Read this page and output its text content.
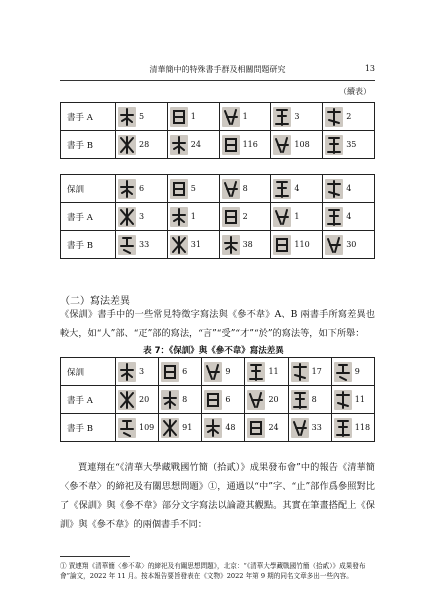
清華簡中的特殊書手群及相關問題研究	13
（續表）
書手 A	5	1	1	3	2

書手 B	28	24	116	108	35
保訓	6	5	8	4	4

書手 A	3	1	2	1	4

書手 B	33	31	38	110	30
（二）寫法差異
《保訓》書手中的一些常見特徵字寫法與《參不韋》A、B 兩書手所寫差異也較大，如“人”部、“疋”部的寫法，“言”“受”“才”“於”的寫法等，如下所舉：
表 7：《保訓》與《參不韋》寫法差異
保訓	3	6	9	11	17	9

書手 A	20	8	6	20	8	11

書手 B	109	91	48	24	33	118
賈連翔在“《清華大學藏戰國竹簡（拾貳）》成果發布會”中的報告《清華簡〈參不韋〉的締祀及有關思想問題》①，通過以“中”字、“止”部作爲參照對比了《保訓》與《參不韋》部分文字寫法以論證其觀點。其實在筆畫搭配上《保訓》與《參不韋》的兩個書手不同：
① 賈連翔《清華簡〈參不韋〉的締祀及有關思想問題》，北京：“《清華大學藏戰國竹簡（拾貳）》成果發布會”論文，2022 年 11 月。按本報告要旨發表在《文物》2022 年第 9 期的同名文章多出一些內容。
